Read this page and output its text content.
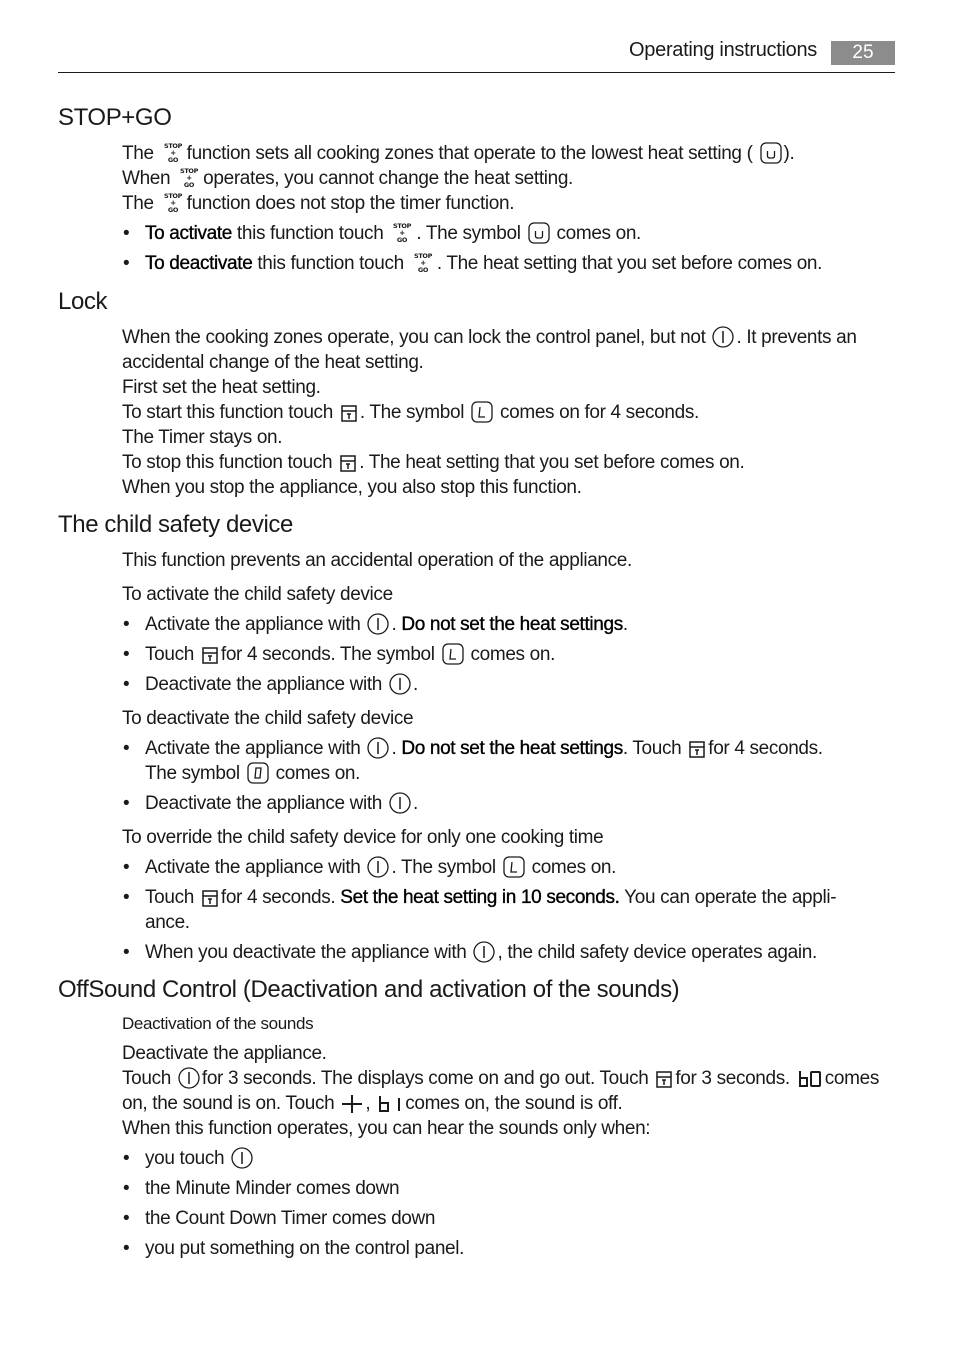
Operating instructions	25
STOP+GO

The STOP
+
GO function sets all cooking zones that operate to the lowest heat setting ( ).

When STOP
+
GO operates, you cannot change the heat setting.

The STOP
+
GO function does not stop the timer function.

• To activate this function touch STOP
+
GO . The symbol comes on.
• To deactivate this function touch STOP
+
GO . The heat setting that you set before comes on.
Lock

When the cooking zones operate, you can lock the control panel, but not . It prevents an

accidental change of the heat setting.

First set the heat setting.

To start this function touch . The symbol comes on for 4 seconds.

The Timer stays on.

To stop this function touch . The heat setting that you set before comes on.

When you stop the appliance, you also stop this function.

The child safety device

This function prevents an accidental operation of the appliance.

To activate the child safety device

• Activate the appliance with . Do not set the heat settings.
• Touch for 4 seconds. The symbol comes on.
• Deactivate the appliance with .

To deactivate the child safety device

• Activate the appliance with . Do not set the heat settings. Touch for 4 seconds.
The symbol comes on.
• Deactivate the appliance with .

To override the child safety device for only one cooking time

• Activate the appliance with . The symbol comes on.
• Touch for 4 seconds. Set the heat setting in 10 seconds. You can operate the appli-
ance.
• When you deactivate the appliance with , the child safety device operates again.
OffSound Control (Deactivation and activation of the sounds)

Deactivation of the sounds

Deactivate the appliance.

Touch for 3 seconds. The displays come on and go out. Touch for 3 seconds. comes

on, the sound is on. Touch , comes on, the sound is off.

When this function operates, you can hear the sounds only when:

• you touch
• the Minute Minder comes down
• the Count Down Timer comes down
• you put something on the control panel.
